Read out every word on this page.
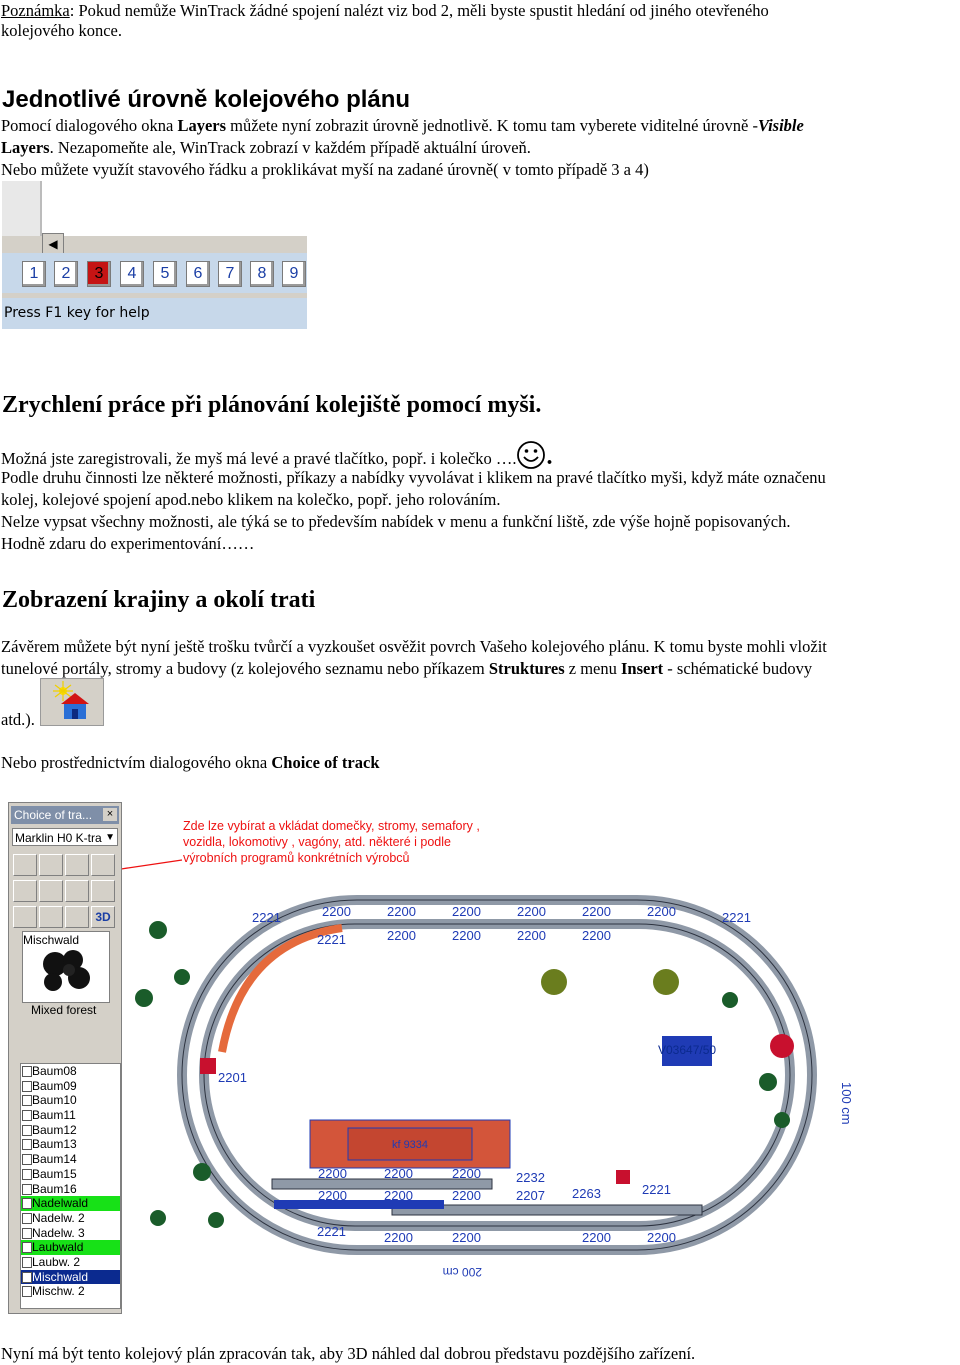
Poznámka: Pokud nemůže WinTrack žádné spojení nalézt viz bod 2, měli byste spustit hledání od jiného otevřeného
kolejového konce.
Jednotlivé úrovně kolejového plánu
Pomocí dialogového okna Layers můžete nyní zobrazit úrovně jednotlivě. K tomu tam vyberete viditelné úrovně -Visible
Layers. Nezapomeňte ale, WinTrack zobrazí v každém případě aktuální úroveň.
Nebo můžete využít stavového řádku a proklikávat myší na zadané úrovně( v tomto případě 3 a 4)
◀
1	2	3	4	5	6	7	8	9
Press F1 key for help
Zrychlení práce při plánování kolejiště pomocí myši.
Možná jste zaregistrovali, že myš má levé a pravé tlačítko, popř. i kolečko …. .
Podle druhu činnosti lze některé možnosti, příkazy a nabídky vyvolávat i klikem na pravé tlačítko myši, když máte označenu
kolej, kolejové spojení apod.nebo klikem na kolečko, popř. jeho rolováním.
Nelze vypsat všechny možnosti, ale týká se to především nabídek v menu a funkční liště, zde výše hojně popisovaných.
Hodně zdaru do experimentování……
Zobrazení krajiny a okolí trati
Závěrem můžete být nyní ještě trošku tvůrčí a vyzkoušet osvěžit povrch Vašeho kolejového plánu. K tomu byste mohli vložit
tunelové portály, stromy a budovy (z kolejového seznamu nebo příkazem Struktures z menu Insert - schématické budovy
atd.).
Nebo prostřednictvím dialogového okna Choice of track
Choice of tra...	×
Marklin H0 K-tra ▼
3D
Mischwald
Mixed forest
Baum08
Baum09
Baum10
Baum11
Baum12
Baum13
Baum14
Baum15
Baum16
Nadelwald
Nadelw. 2
Nadelw. 3
Laubwald
Laubw. 2
Mischwald
Mischw. 2
Zde lze vybírat a vkládat domečky, stromy, semafory , vozidla, lokomotivy , vagóny, atd. některé i podle výrobních programů konkrétních výrobců
kf 9334
V03647/50
2200	2200	2200	2200	2200	2200
2200	2200	2200	2200
2221
2221
2221
2200	2200	2200
2200	2200	2200
2232
2207 2263	2221
2200	2200	2200	2200
2221
2201
100 cm
200 cm
Nyní má být tento kolejový plán zpracován tak, aby 3D náhled dal dobrou představu pozdějšího zařízení.
